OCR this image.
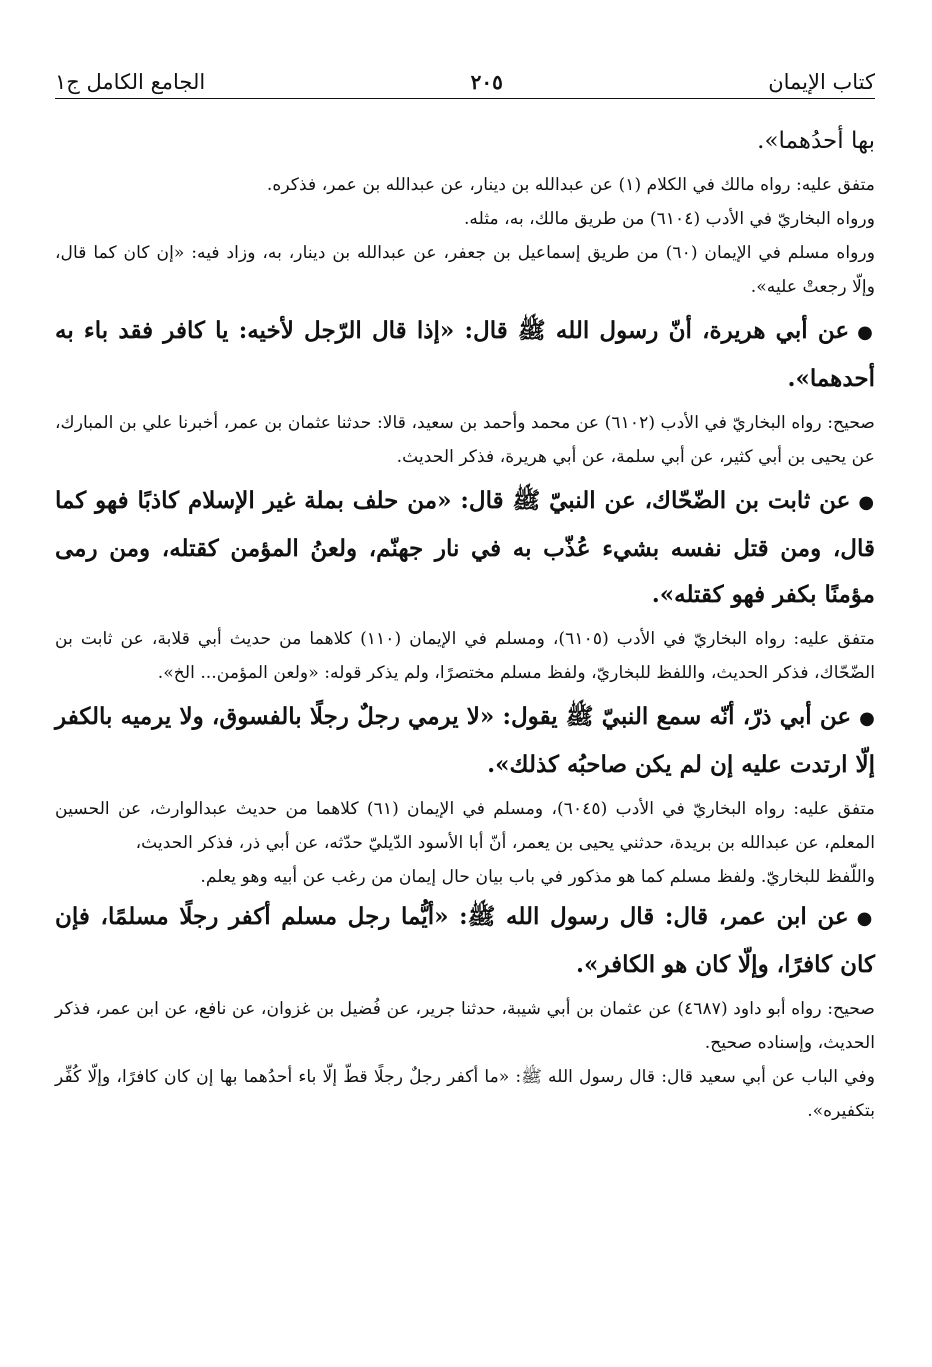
كتاب الإيمان
٢٠٥
الجامع الكامل ج١

بها أحدُهما».

متفق عليه: رواه مالك في الكلام (١) عن عبدالله بن دينار، عن عبدالله بن عمر، فذكره.

ورواه البخاريّ في الأدب (٦١٠٤) من طريق مالك، به، مثله.

ورواه مسلم في الإيمان (٦٠) من طريق إسماعيل بن جعفر، عن عبدالله بن دينار، به، وزاد فيه: «إن كان كما قال، وإلّا رجعتْ عليه».

●عن أبي هريرة، أنّ رسول الله ﷺ قال: «إذا قال الرّجل لأخيه: يا كافر فقد باء به أحدهما».

صحيح: رواه البخاريّ في الأدب (٦١٠٢) عن محمد وأحمد بن سعيد، قالا: حدثنا عثمان بن عمر، أخبرنا علي بن المبارك، عن يحيى بن أبي كثير، عن أبي سلمة، عن أبي هريرة، فذكر الحديث.

●عن ثابت بن الضّحّاك، عن النبيّ ﷺ قال: «من حلف بملة غير الإسلام كاذبًا فهو كما قال، ومن قتل نفسه بشيء عُذّب به في نار جهنّم، ولعنُ المؤمن كقتله، ومن رمى مؤمنًا بكفر فهو كقتله».

متفق عليه: رواه البخاريّ في الأدب (٦١٠٥)، ومسلم في الإيمان (١١٠) كلاهما من حديث أبي قلابة، عن ثابت بن الضّحّاك، فذكر الحديث، واللفظ للبخاريّ، ولفظ مسلم مختصرًا، ولم يذكر قوله: «ولعن المؤمن... الخ».

●عن أبي ذرّ، أنّه سمع النبيّ ﷺ يقول: «لا يرمي رجلٌ رجلًا بالفسوق، ولا يرميه بالكفر إلّا ارتدت عليه إن لم يكن صاحبُه كذلك».

متفق عليه: رواه البخاريّ في الأدب (٦٠٤٥)، ومسلم في الإيمان (٦١) كلاهما من حديث عبدالوارث، عن الحسين المعلم، عن عبدالله بن بريدة، حدثني يحيى بن يعمر، أنّ أبا الأسود الدّيليّ حدّثه، عن أبي ذر، فذكر الحديث،

واللّفظ للبخاريّ. ولفظ مسلم كما هو مذكور في باب بيان حال إيمان من رغب عن أبيه وهو يعلم.

●عن ابن عمر، قال: قال رسول الله ﷺ: «أيُّما رجل مسلم أكفر رجلًا مسلمًا، فإن كان كافرًا، وإلّا كان هو الكافر».

صحيح: رواه أبو داود (٤٦٨٧) عن عثمان بن أبي شيبة، حدثنا جرير، عن فُضيل بن غزوان، عن نافع، عن ابن عمر، فذكر الحديث، وإسناده صحيح.

وفي الباب عن أبي سعيد قال: قال رسول الله ﷺ: «ما أكفر رجلٌ رجلًا قطّ إلّا باء أحدُهما بها إن كان كافرًا، وإلّا كُفِّر بتكفيره».
